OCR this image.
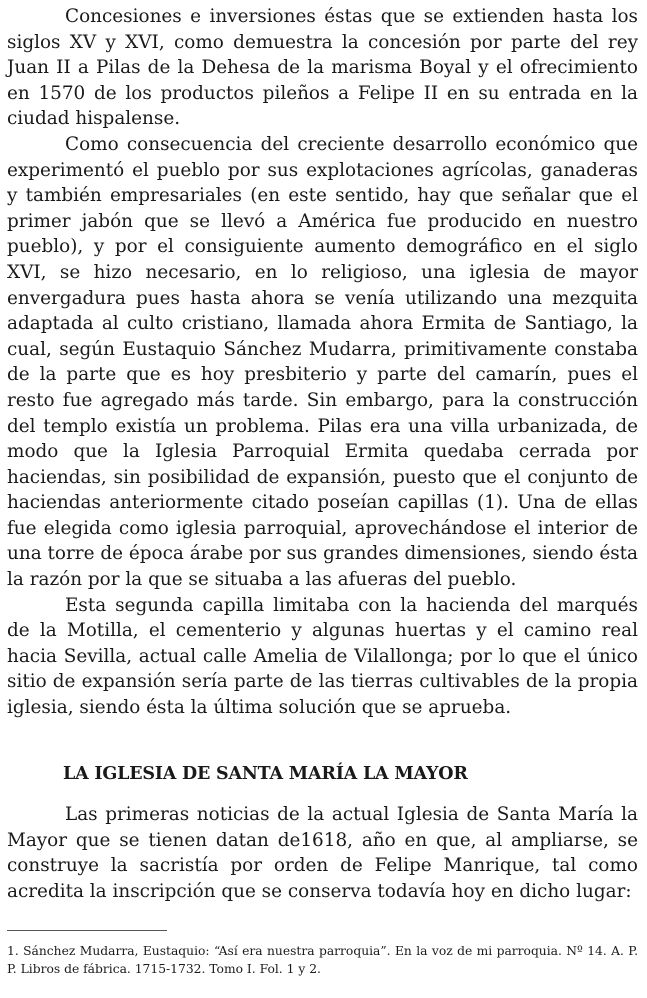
Concesiones e inversiones éstas que se extienden hasta los siglos XV y XVI, como demuestra la concesión por parte del rey Juan II a Pilas de la Dehesa de la marisma Boyal y el ofrecimiento en 1570 de los productos pileños a Felipe II en su entrada en la ciudad hispalense.

Como consecuencia del creciente desarrollo económico que experimentó el pueblo por sus explotaciones agrícolas, ganaderas y también empresariales (en este sentido, hay que señalar que el primer jabón que se llevó a América fue producido en nuestro pueblo), y por el consiguiente aumento demográfico en el siglo XVI, se hizo necesario, en lo religioso, una iglesia de mayor envergadura pues hasta ahora se venía utilizando una mezquita adaptada al culto cristiano, llamada ahora Ermita de Santiago, la cual, según Eustaquio Sánchez Mudarra, primitivamente constaba de la parte que es hoy presbiterio y parte del camarín, pues el resto fue agregado más tarde. Sin embargo, para la construcción del templo existía un problema. Pilas era una villa urbanizada, de modo que la Iglesia Parroquial Ermita quedaba cerrada por haciendas, sin posibilidad de expansión, puesto que el conjunto de haciendas anteriormente citado poseían capillas (1). Una de ellas fue elegida como iglesia parroquial, aprovechándose el interior de una torre de época árabe por sus grandes dimensiones, siendo ésta la razón por la que se situaba a las afueras del pueblo.

Esta segunda capilla limitaba con la hacienda del marqués de la Motilla, el cementerio y algunas huertas y el camino real hacia Sevilla, actual calle Amelia de Vilallonga; por lo que el único sitio de expansión sería parte de las tierras cultivables de la propia iglesia, siendo ésta la última solución que se aprueba.

LA IGLESIA DE SANTA MARÍA LA MAYOR

Las primeras noticias de la actual Iglesia de Santa María la Mayor que se tienen datan de1618, año en que, al ampliarse, se construye la sacristía por orden de Felipe Manrique, tal como acredita la inscripción que se conserva todavía hoy en dicho lugar:

1. Sánchez Mudarra, Eustaquio: “Así era nuestra parroquia”. En la voz de mi parroquia. Nº 14. A. P. P. Libros de fábrica. 1715-1732. Tomo I. Fol. 1 y 2.
